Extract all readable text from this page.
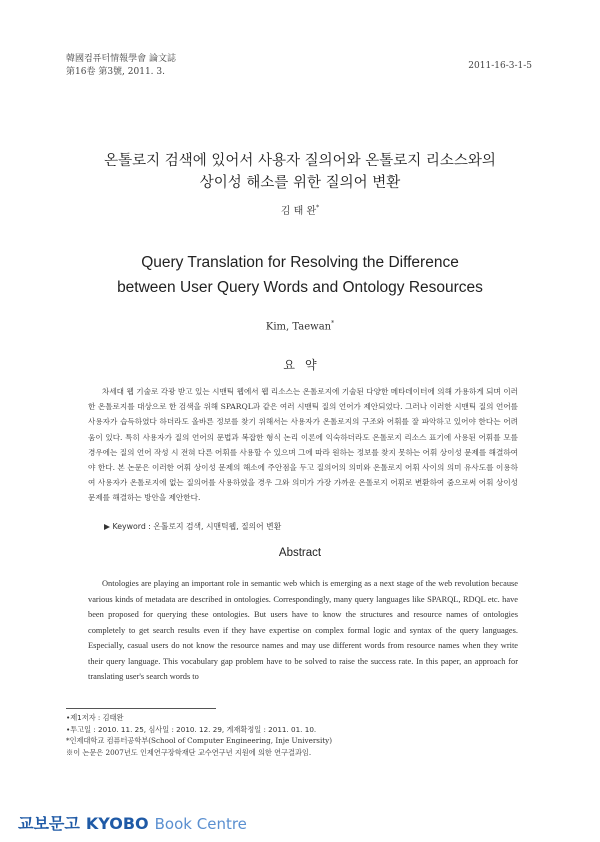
韓國컴퓨터情報學會 論文誌
第16卷 第3號, 2011. 3.
2011-16-3-1-5
온톨로지 검색에 있어서 사용자 질의어와 온톨로지 리소스와의
상이성 해소를 위한 질의어 변환
김 태 완*
Query Translation for Resolving the Difference
between User Query Words and Ontology Resources
Kim, Taewan*
요약
차세대 웹 기술로 각광 받고 있는 시맨틱 웹에서 웹 리소스는 온톨로지에 기술된 다양한 메타데이터에 의해 가용하게 되며 이러한 온톨로지를 대상으로 한 검색을 위해 SPARQL과 같은 여러 시맨틱 질의 언어가 제안되었다. 그러나 이러한 시맨틱 질의 언어를 사용자가 습득하였다 하더라도 올바른 정보를 찾기 위해서는 사용자가 온톨로지의 구조와 어휘를 잘 파악하고 있어야 한다는 어려움이 있다. 특히 사용자가 질의 언어의 문법과 복잡한 형식 논리 이론에 익숙하더라도 온톨로지 리소스 표기에 사용된 어휘를 모를 경우에는 질의 언어 작성 시 전혀 다른 어휘를 사용할 수 있으며 그에 따라 원하는 정보를 찾지 못하는 어휘 상이성 문제를 해결하여야 한다. 본 논문은 이러한 어휘 상이성 문제의 해소에 주안점을 두고 질의어의 의미와 온톨로지 어휘 사이의 의미 유사도를 이용하여 사용자가 온톨로지에 없는 질의어를 사용하였을 경우 그와 의미가 가장 가까운 온톨로지 어휘로 변환하여 줌으로써 어휘 상이성 문제를 해결하는 방안을 제안한다.
▶ Keyword : 온톨로지 검색, 시맨틱웹, 질의어 변환
Abstract
Ontologies are playing an important role in semantic web which is emerging as a next stage of the web revolution because various kinds of metadata are described in ontologies. Correspondingly, many query languages like SPARQL, RDQL etc. have been proposed for querying these ontologies. But users have to know the structures and resource names of ontologies completely to get search results even if they have expertise on complex formal logic and syntax of the query languages. Especially, casual users do not know the resource names and may use different words from resource names when they write their query language. This vocabulary gap problem have to be solved to raise the success rate. In this paper, an approach for translating user's search words to
•제1저자 : 김태완
•투고일 : 2010. 11. 25, 심사일 : 2010. 12. 29, 게재확정일 : 2011. 01. 10.
*인제대학교 컴퓨터공학부(School of Computer Engineering, Inje University)
※이 논문은 2007년도 인제연구장학재단 교수연구년 지원에 의한 연구결과임.
교보문고 KYOBO Book Centre
